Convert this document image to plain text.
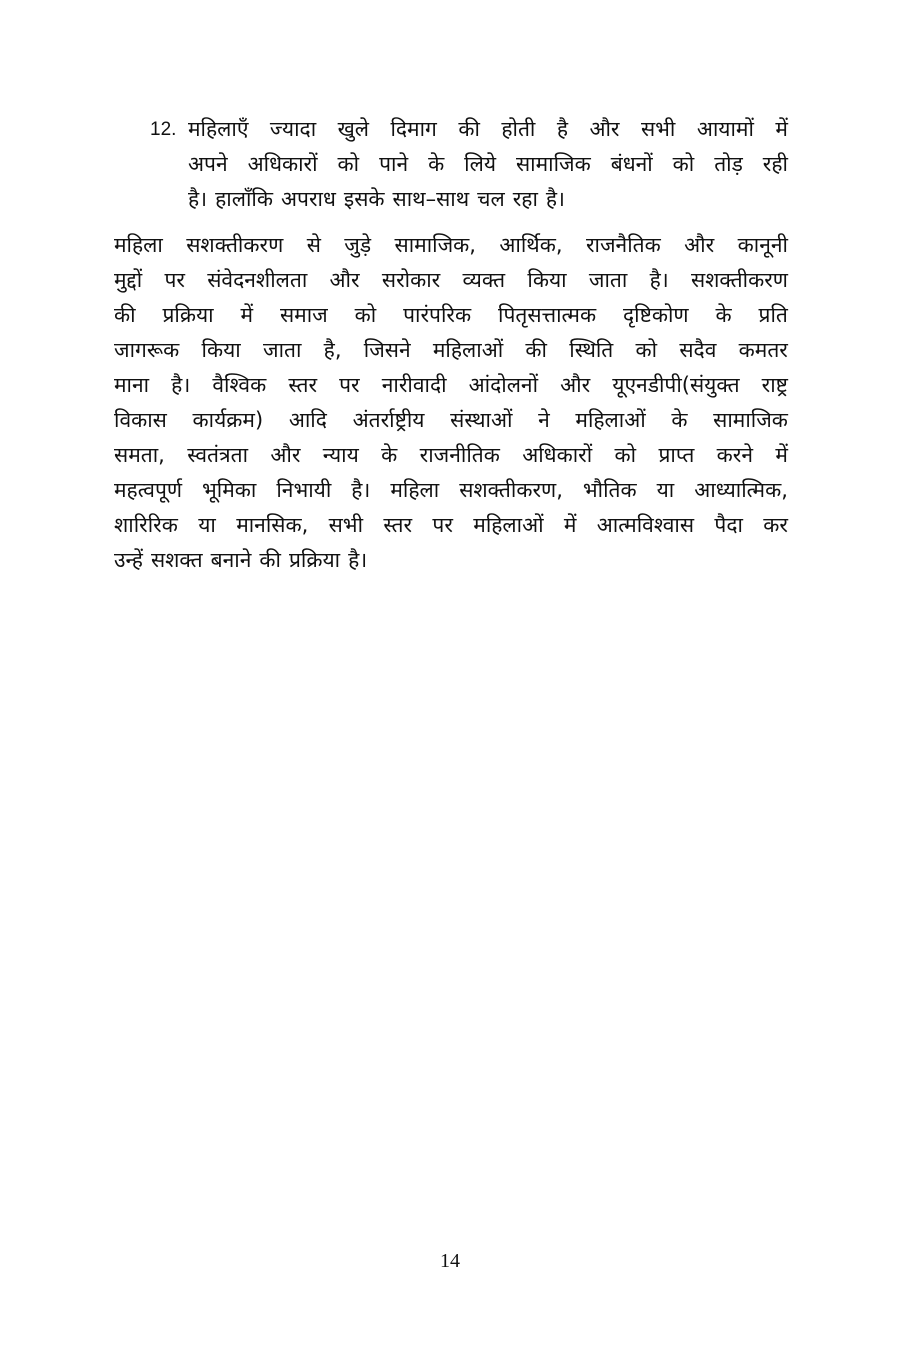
12. महिलाएँ ज्यादा खुले दिमाग की होती है और सभी आयामों में
अपने अधिकारों को पाने के लिये सामाजिक बंधनों को तोड़ रही
है। हालाँकि अपराध इसके साथ–साथ चल रहा है।
महिला सशक्तीकरण से जुड़े सामाजिक, आर्थिक, राजनैतिक और कानूनी
मुद्दों पर संवेदनशीलता और सरोकार व्यक्त किया जाता है। सशक्तीकरण
की प्रक्रिया में समाज को पारंपरिक पितृसत्तात्मक दृष्टिकोण के प्रति
जागरूक किया जाता है, जिसने महिलाओं की स्थिति को सदैव कमतर
माना है। वैश्विक स्तर पर नारीवादी आंदोलनों और यूएनडीपी(संयुक्त राष्ट्र
विकास कार्यक्रम) आदि अंतर्राष्ट्रीय संस्थाओं ने महिलाओं के सामाजिक
समता, स्वतंत्रता और न्याय के राजनीतिक अधिकारों को प्राप्त करने में
महत्वपूर्ण भूमिका निभायी है। महिला सशक्तीकरण, भौतिक या आध्यात्मिक,
शारिरिक या मानसिक, सभी स्तर पर महिलाओं में आत्मविश्वास पैदा कर
उन्हें सशक्त बनाने की प्रक्रिया है।
14
